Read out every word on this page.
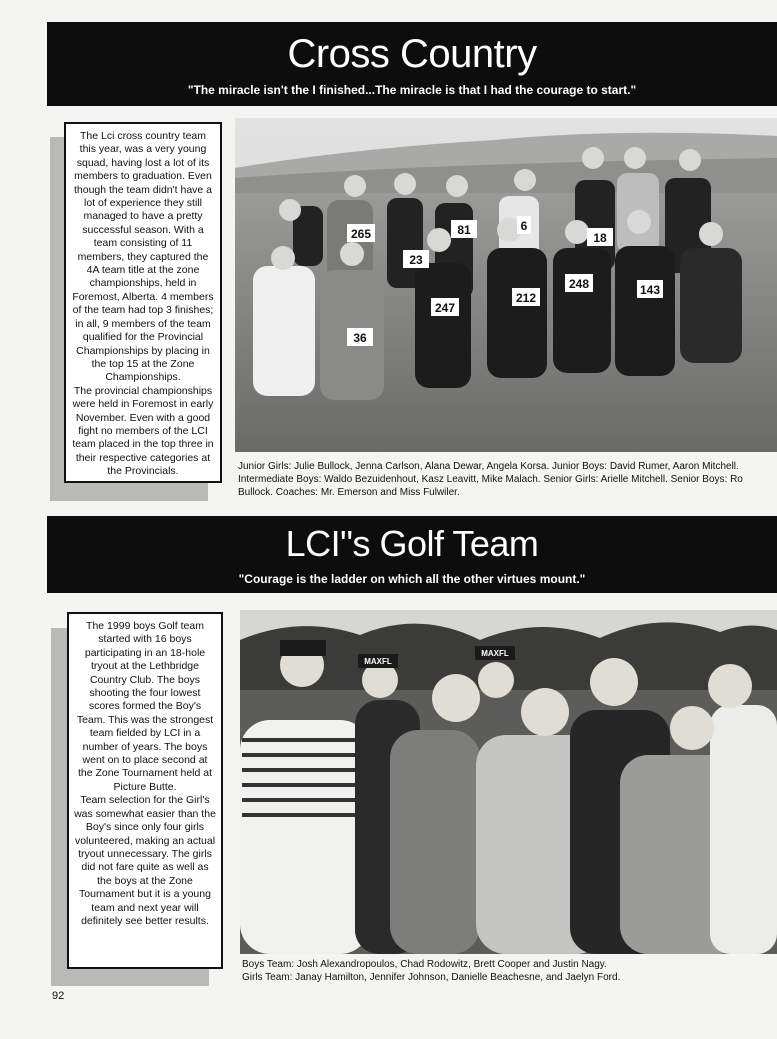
Cross Country
"The miracle isn't the I finished...The miracle is that I had the courage to start."
The Lci cross country team this year, was a very young squad, having lost a lot of its members to graduation. Even though the team didn't have a lot of experience they still managed to have a pretty successful season. With a team consisting of 11 members, they captured the 4A team title at the zone championships, held in Foremost, Alberta. 4 members of the team had top 3 finishes; in all, 9 members of the team qualified for the Provincial Championships by placing in the top 15 at the Zone Championships.
The provincial championships were held in Foremost in early November. Even with a good fight no members of the LCI team placed in the top three in their respective categories at the Provincials.
265	81
23
6
18
247
212
248	143
36
Junior Girls: Julie Bullock, Jenna Carlson, Alana Dewar, Angela Korsa. Junior Boys: David Rumer, Aaron Mitchell.
Intermediate Boys: Waldo Bezuidenhout, Kasz Leavitt, Mike Malach. Senior Girls: Arielle Mitchell. Senior Boys: Ro
Bullock. Coaches: Mr. Emerson and Miss Fulwiler.
LCI"s Golf Team
"Courage is the ladder on which all the other virtues mount."
The 1999 boys Golf team started with 16 boys participating in an 18-hole tryout at the Lethbridge Country Club. The boys shooting the four lowest scores formed the Boy's Team. This was the strongest team fielded by LCI in a number of years. The boys went on to place second at the Zone Tournament held at Picture Butte.
Team selection for the Girl's was somewhat easier than the Boy's since only four girls volunteered, making an actual tryout unnecessary. The girls did not fare quite as well as the boys at the Zone Tournament but it is a young team and next year will definitely see better results.
MAXFL
MAXFL
Boys Team: Josh Alexandropoulos, Chad Rodowitz, Brett Cooper and Justin Nagy.
Girls Team: Janay Hamilton, Jennifer Johnson, Danielle Beachesne, and Jaelyn Ford.
92
